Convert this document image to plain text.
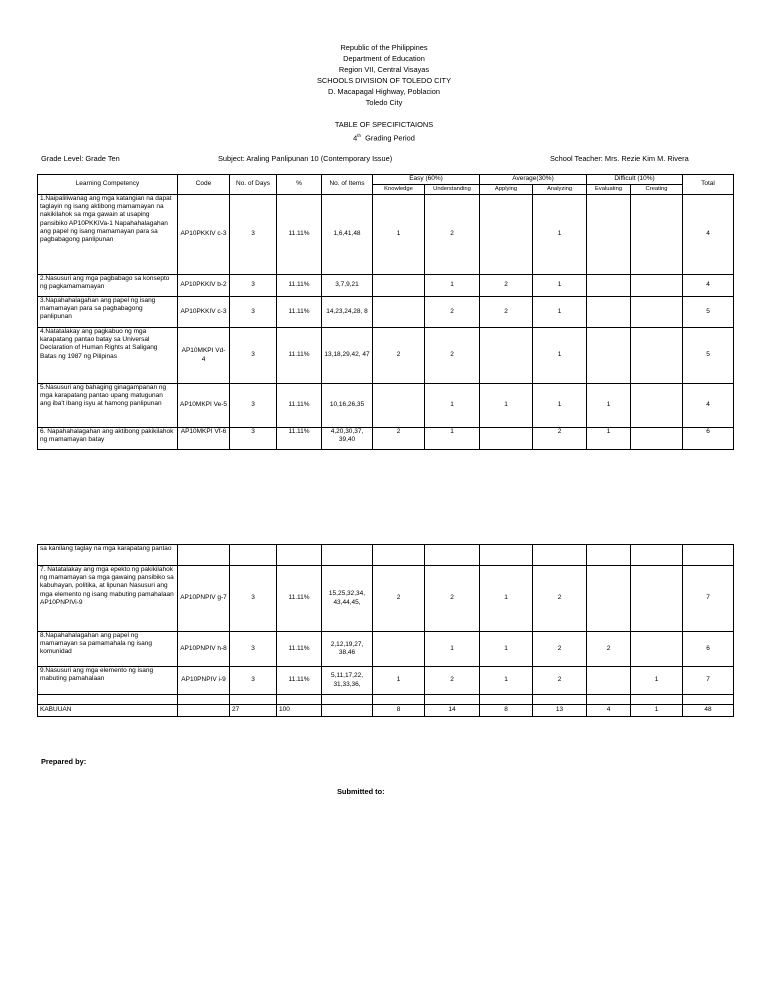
Republic of the Philippines
Department of Education
Region VII, Central Visayas
SCHOOLS DIVISION OF TOLEDO CITY
D. Macapagal Highway, Poblacion
Toledo City
TABLE OF SPECIFICTAIONS
4th Grading Period
Grade Level: Grade Ten	Subject: Araling Panlipunan 10 (Contemporary Issue)	School Teacher: Mrs. Rezie Kim M. Rivera
Learning Competency	Code	No. of Days	%	No. of Items	Easy (60%)		Average(30%)		Difficult (10%)		Total
					Knowledge	Understanding	Applying	Analyzing	Evaluating	Creating	
1.Naipaliliwanag ang mga katangian na dapat taglayin ng isang aktibong mamamayan na nakikilahok sa mga gawain at usaping pansibiko AP10PKKIVa-1 Napahahalagahan ang papel ng isang mamamayan para sa pagbabagong panlipunan	AP10PKKIV c-3	3	11.11%	1,6,41,48	1	2		1			4
2.Nasusuri ang mga pagbabago sa konsepto ng pagkamamamayan	AP10PKKIV b-2	3	11.11%	3,7,9,21		1	2	1			4
3.Napahahalagahan ang papel ng isang mamamayan para sa pagbabagong panlipunan	AP10PKKIV c-3	3	11.11%	14,23,24,28, 8		2	2	1			5
4.Natatalakay ang pagkabuo ng mga karapatang pantao batay sa Universal Declaration of Human Rights at Saligang Batas ng 1987 ng Pilipinas	AP10MKPI Vd-4	3	11.11%	13,18,29,42, 47	2	2		1			5
5.Nasusuri ang bahaging ginagampanan ng mga karapatang pantao upang matugunan ang iba't ibang isyu at hamong panlipunan	AP10MKPI Ve-5	3	11.11%	10,16,26,35		1	1	1	1		4
6. Napahahalagahan ang aktibong pakikilahok ng mamamayan batay	AP10MKPI Vf-6	3	11.11%	4,20,30,37, 39,40	2	1		2	1		6
sa kanilang taglay na mga karapatang pantao											
7. Natatalakay ang mga epekto ng pakikilahok ng mamamayan sa mga gawaing pansibiko sa kabuhayan, politika, at lipunan Nasusuri ang mga elemento ng isang mabuting pamahalaan AP10PNPIVi-9	AP10PNPIV g-7	3	11.11%	15,25,32,34, 43,44,45,	2	2	1	2			7
8.Napahahalagahan ang papel ng mamamayan sa pamamahala ng isang komunidad	AP10PNPIV h-8	3	11.11%	2,12,19,27, 38,46		1	1	2	2		6
9.Nasusuri ang mga elemento ng isang mabuting pamahalaan	AP10PNPIV i-9	3	11.11%	5,11,17,22, 31,33,36,	1	2	1	2		1	7

KABUUAN		27	100		8	14	8	13	4	1	48
Prepared by:
Submitted to:
